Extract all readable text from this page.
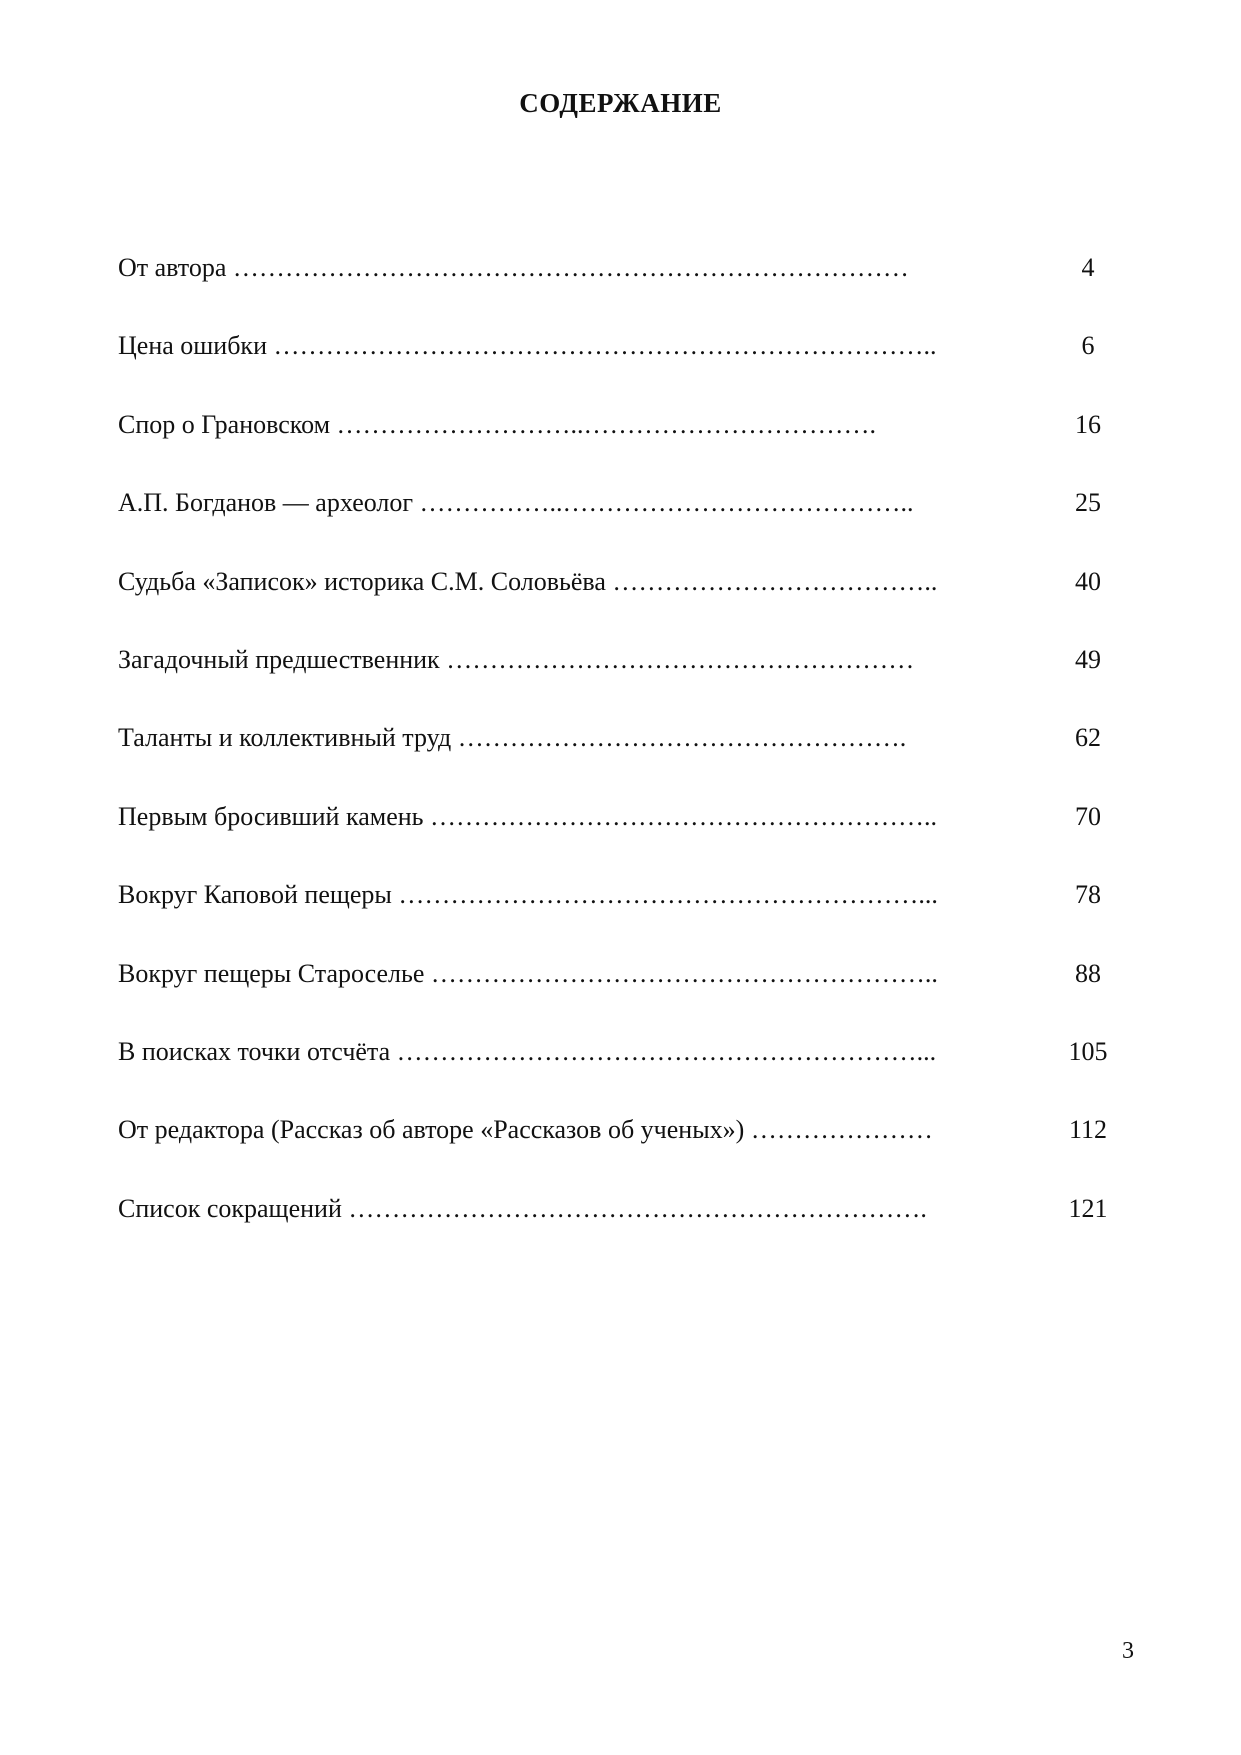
СОДЕРЖАНИЕ
От автора ……………………………………………………………………	4
Цена ошибки …………………………………………………………………..	6
Спор о Грановском ………………………..…………………………….	16
А.П. Богданов — археолог ……………..…………………………………..	25
Судьба «Записок» историка С.М. Соловьёва ………………………………..	40
Загадочный предшественник ………………………………………………	49
Таланты и коллективный труд …………………………………………….	62
Первым бросивший камень …………………………………………………..	70
Вокруг Каповой пещеры ……………………………………………………...	78
Вокруг пещеры Староселье …………………………………………………..	88
В поисках точки отсчёта ……………………………………………………...	105
От редактора (Рассказ об авторе «Рассказов об ученых») …………………	112
Список сокращений ………………………………………………………….	121
3
